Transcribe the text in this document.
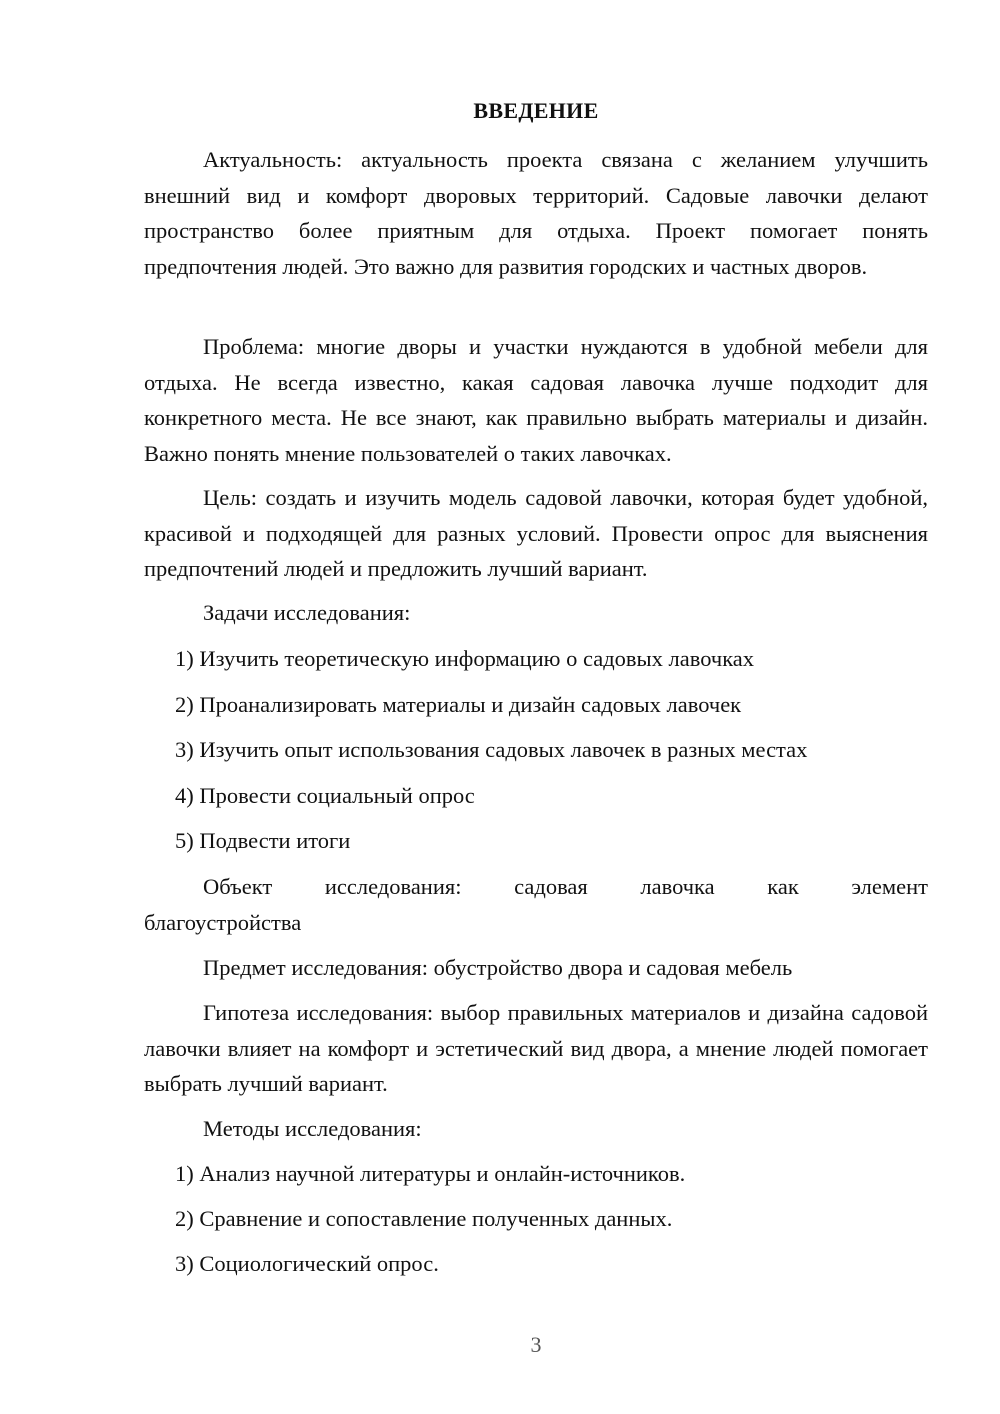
ВВЕДЕНИЕ

Актуальность: актуальность проекта связана с желанием улучшить внешний вид и комфорт дворовых территорий. Садовые лавочки делают пространство более приятным для отдыха. Проект помогает понять предпочтения людей. Это важно для развития городских и частных дворов.

Проблема: многие дворы и участки нуждаются в удобной мебели для отдыха. Не всегда известно, какая садовая лавочка лучше подходит для конкретного места. Не все знают, как правильно выбрать материалы и дизайн. Важно понять мнение пользователей о таких лавочках.

Цель: создать и изучить модель садовой лавочки, которая будет удобной, красивой и подходящей для разных условий. Провести опрос для выяснения предпочтений людей и предложить лучший вариант.

Задачи исследования:

1) Изучить теоретическую информацию о садовых лавочках

2) Проанализировать материалы и дизайн садовых лавочек

3) Изучить опыт использования садовых лавочек в разных местах

4) Провести социальный опрос

5) Подвести итоги

Объект исследования: садовая лавочка как элемент благоустройства

Предмет исследования: обустройство двора и садовая мебель

Гипотеза исследования: выбор правильных материалов и дизайна садовой лавочки влияет на комфорт и эстетический вид двора, а мнение людей помогает выбрать лучший вариант.

Методы исследования:

1) Анализ научной литературы и онлайн-источников.

2) Сравнение и сопоставление полученных данных.

3) Социологический опрос.

3
